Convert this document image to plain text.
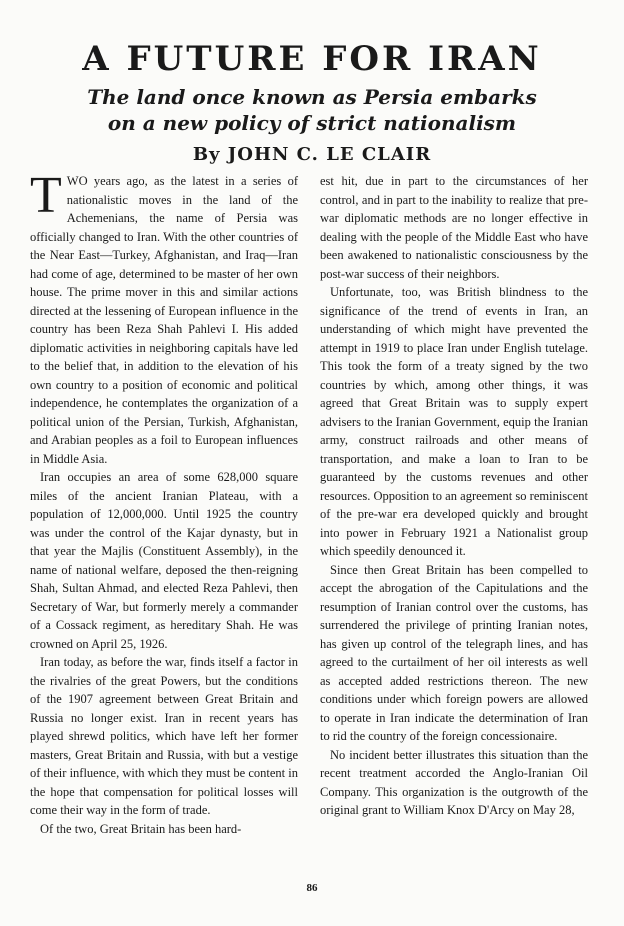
A FUTURE FOR IRAN
The land once known as Persia embarks
on a new policy of strict nationalism
By JOHN C. LE CLAIR

TWO years ago, as the latest in a series of nationalistic moves in the land of the Achemenians, the name of Persia was officially changed to Iran. With the other countries of the Near East—Turkey, Afghanistan, and Iraq—Iran had come of age, determined to be master of her own house. The prime mover in this and similar actions directed at the lessening of European influence in the country has been Reza Shah Pahlevi I. His added diplomatic activities in neighboring capitals have led to the belief that, in addition to the elevation of his own country to a position of economic and political independence, he contemplates the organization of a political union of the Persian, Turkish, Afghanistan, and Arabian peoples as a foil to European influences in Middle Asia.

Iran occupies an area of some 628,000 square miles of the ancient Iranian Plateau, with a population of 12,000,000. Until 1925 the country was under the control of the Kajar dynasty, but in that year the Majlis (Constituent Assembly), in the name of national welfare, deposed the then-reigning Shah, Sultan Ahmad, and elected Reza Pahlevi, then Secretary of War, but formerly merely a commander of a Cossack regiment, as hereditary Shah. He was crowned on April 25, 1926.

Iran today, as before the war, finds itself a factor in the rivalries of the great Powers, but the conditions of the 1907 agreement between Great Britain and Russia no longer exist. Iran in recent years has played shrewd politics, which have left her former masters, Great Britain and Russia, with but a vestige of their influence, with which they must be content in the hope that compensation for political losses will come their way in the form of trade.

Of the two, Great Britain has been hard-

est hit, due in part to the circumstances of her control, and in part to the inability to realize that pre-war diplomatic methods are no longer effective in dealing with the people of the Middle East who have been awakened to nationalistic consciousness by the post-war success of their neighbors.

Unfortunate, too, was British blindness to the significance of the trend of events in Iran, an understanding of which might have prevented the attempt in 1919 to place Iran under English tutelage. This took the form of a treaty signed by the two countries by which, among other things, it was agreed that Great Britain was to supply expert advisers to the Iranian Government, equip the Iranian army, construct railroads and other means of transportation, and make a loan to Iran to be guaranteed by the customs revenues and other resources. Opposition to an agreement so reminiscent of the pre-war era developed quickly and brought into power in February 1921 a Nationalist group which speedily denounced it.

Since then Great Britain has been compelled to accept the abrogation of the Capitulations and the resumption of Iranian control over the customs, has surrendered the privilege of printing Iranian notes, has given up control of the telegraph lines, and has agreed to the curtailment of her oil interests as well as accepted added restrictions thereon. The new conditions under which foreign powers are allowed to operate in Iran indicate the determination of Iran to rid the country of the foreign concessionaire.

No incident better illustrates this situation than the recent treatment accorded the Anglo-Iranian Oil Company. This organization is the outgrowth of the original grant to William Knox D'Arcy on May 28,

86
